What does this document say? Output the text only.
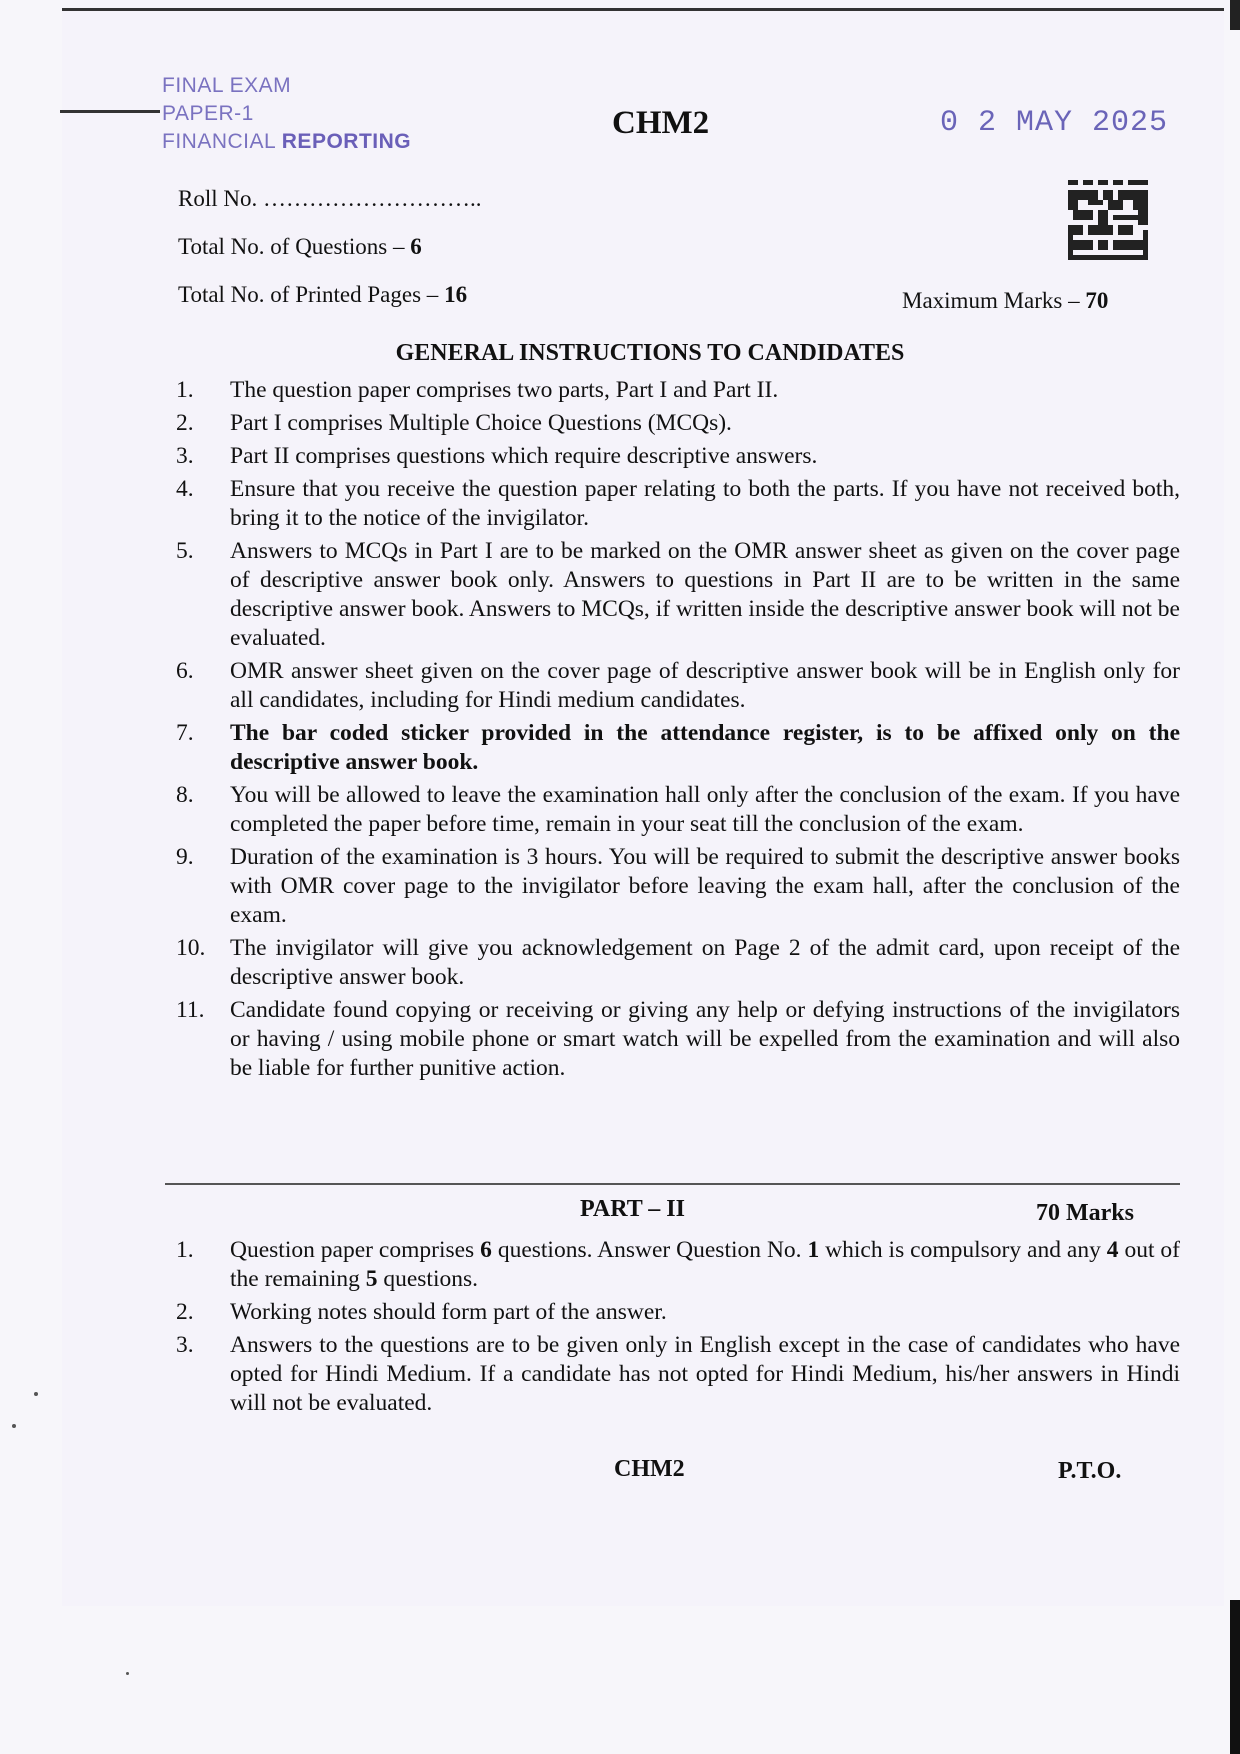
FINAL EXAM
PAPER-1
FINANCIAL REPORTING
CHM2	0 2 MAY 2025
Roll No. ………………………..
Total No. of Questions – 6
Total No. of Printed Pages – 16	Maximum Marks – 70
GENERAL INSTRUCTIONS TO CANDIDATES
1. The question paper comprises two parts, Part I and Part II.
2. Part I comprises Multiple Choice Questions (MCQs).
3. Part II comprises questions which require descriptive answers.
4. Ensure that you receive the question paper relating to both the parts. If you have not received both, bring it to the notice of the invigilator.
5. Answers to MCQs in Part I are to be marked on the OMR answer sheet as given on the cover page of descriptive answer book only. Answers to questions in Part II are to be written in the same descriptive answer book. Answers to MCQs, if written inside the descriptive answer book will not be evaluated.
6. OMR answer sheet given on the cover page of descriptive answer book will be in English only for all candidates, including for Hindi medium candidates.
7. The bar coded sticker provided in the attendance register, is to be affixed only on the descriptive answer book.
8. You will be allowed to leave the examination hall only after the conclusion of the exam. If you have completed the paper before time, remain in your seat till the conclusion of the exam.
9. Duration of the examination is 3 hours. You will be required to submit the descriptive answer books with OMR cover page to the invigilator before leaving the exam hall, after the conclusion of the exam.
10. The invigilator will give you acknowledgement on Page 2 of the admit card, upon receipt of the descriptive answer book.
11. Candidate found copying or receiving or giving any help or defying instructions of the invigilators or having / using mobile phone or smart watch will be expelled from the examination and will also be liable for further punitive action.
PART – II	70 Marks
1. Question paper comprises 6 questions. Answer Question No. 1 which is compulsory and any 4 out of the remaining 5 questions.
2. Working notes should form part of the answer.
3. Answers to the questions are to be given only in English except in the case of candidates who have opted for Hindi Medium. If a candidate has not opted for Hindi Medium, his/her answers in Hindi will not be evaluated.
CHM2	P.T.O.
